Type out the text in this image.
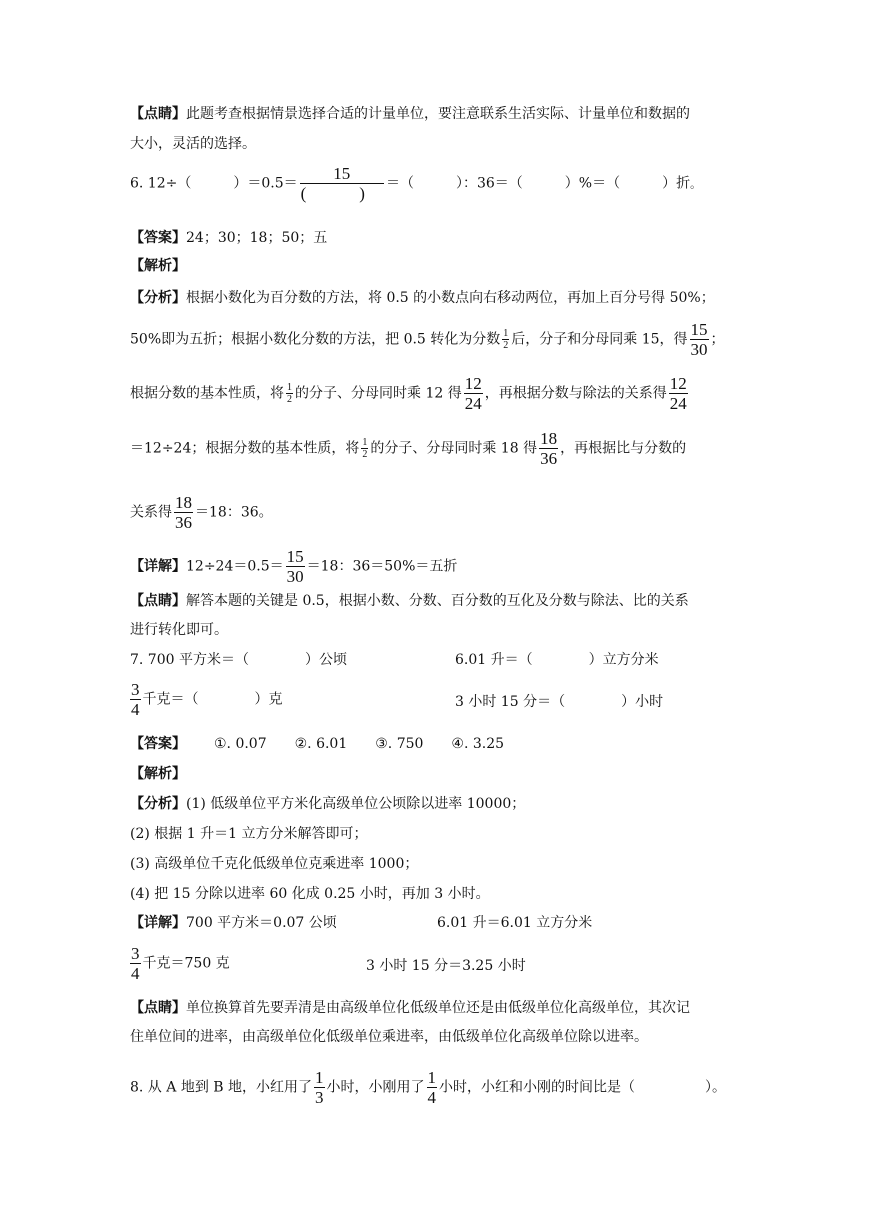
【点睛】此题考查根据情景选择合适的计量单位，要注意联系生活实际、计量单位和数据的
大小，灵活的选择。
6. 12÷（　　　）$=0.5= \frac{15}{( )}$ ＝（　　　）：36＝（　　　）%＝（　　　）折。
【答案】24；30；18；50；五
【解析】
【分析】根据小数化为百分数的方法，将 0.5 的小数点向右移动两位，再加上百分号得 50%；
50%即为五折；根据小数化分数的方法，把 0.5 转化为分数 $\frac{1}{2}$ 后，分子和分母同乘 15，得 $\frac{15}{30}$ ；
根据分数的基本性质，将 $\frac{1}{2}$ 的分子、分母同时乘 12 得 $\frac{12}{24}$ ，再根据分数与除法的关系得 $\frac{12}{24}$
＝12÷24；根据分数的基本性质，将 $\frac{1}{2}$ 的分子、分母同时乘 18 得 $\frac{18}{36}$ ，再根据比与分数的
关系得 $\frac{18}{36} =18$：36。
【详解】$12\div 24=0.5= \frac{15}{30} =18$：36＝50%＝五折
【点睛】解答本题的关键是 0.5，根据小数、分数、百分数的互化及分数与除法、比的关系
进行转化即可。
7. 700 平方米＝（　　　　）公顷	6.01 升＝（　　　　）立方分米
$\frac{3}{4}$ 千克＝（　　　　）克	3 小时 15 分＝（　　　　）小时
【答案】 ①. 0.07　　②. 6.01　　③. 750　　④. 3.25
【解析】
【分析】(1) 低级单位平方米化高级单位公顷除以进率 10000；
(2) 根据 1 升＝1 立方分米解答即可；
(3) 高级单位千克化低级单位克乘进率 1000；
(4) 把 15 分除以进率 60 化成 0.25 小时，再加 3 小时。
【详解】700 平方米＝0.07 公顷	6.01 升＝6.01 立方分米
$\frac{3}{4}$ 千克＝750 克	3 小时 15 分＝3.25 小时
【点睛】单位换算首先要弄清是由高级单位化低级单位还是由低级单位化高级单位，其次记
住单位间的进率，由高级单位化低级单位乘进率，由低级单位化高级单位除以进率。
8. 从 A 地到 B 地，小红用了 $\frac{1}{3}$ 小时，小刚用了 $\frac{1}{4}$ 小时，小红和小刚的时间比是（　　　　　）。
